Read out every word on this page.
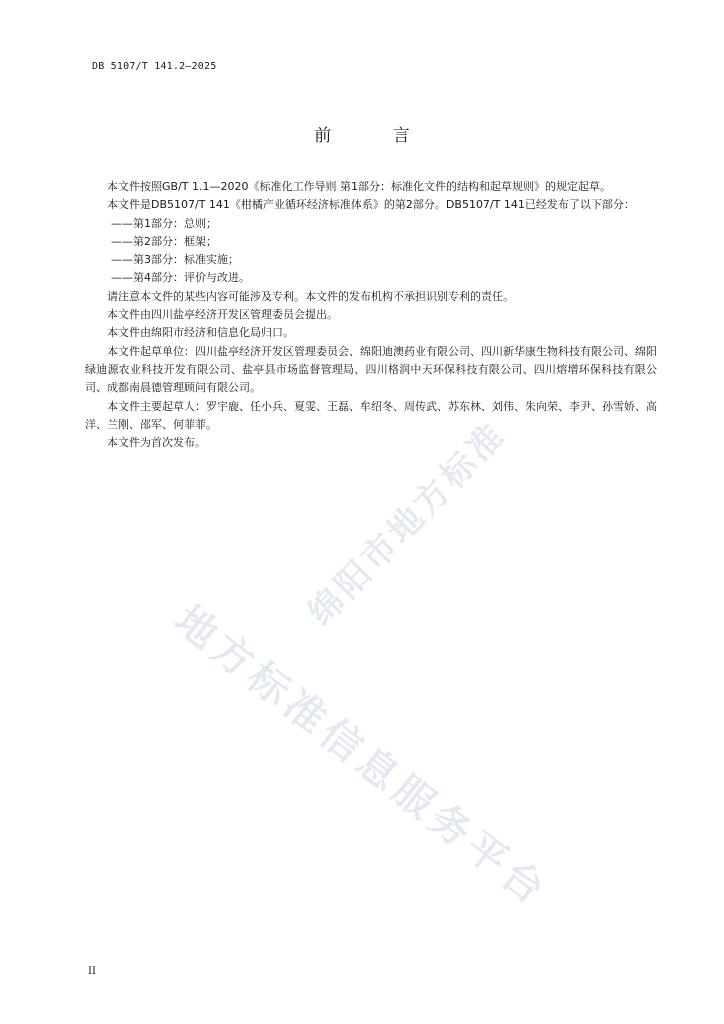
DB 5107/T 141.2—2025
前 言

本文件按照GB/T 1.1—2020《标准化工作导则 第1部分：标准化文件的结构和起草规则》的规定起草。

本文件是DB5107/T 141《柑橘产业循环经济标准体系》的第2部分。DB5107/T 141已经发布了以下部分：

——第1部分：总则；

——第2部分：框架；

——第3部分：标准实施；

——第4部分：评价与改进。

请注意本文件的某些内容可能涉及专利。本文件的发布机构不承担识别专利的责任。

本文件由四川盐亭经济开发区管理委员会提出。

本文件由绵阳市经济和信息化局归口。

本文件起草单位：四川盐亭经济开发区管理委员会、绵阳迪澳药业有限公司、四川新华康生物科技有限公司、绵阳绿迪源农业科技开发有限公司、盐亭县市场监督管理局、四川格润中天环保科技有限公司、四川熔增环保科技有限公司、成都南晨德管理顾问有限公司。

本文件主要起草人：罗宇鹿、任小兵、夏雯、王磊、牟绍冬、周传武、苏东林、刘伟、朱向荣、李尹、孙雪娇、高洋、兰刚、邵军、何菲菲。

本文件为首次发布。	绵阳市地方标准
地方标准信息服务平台
II
